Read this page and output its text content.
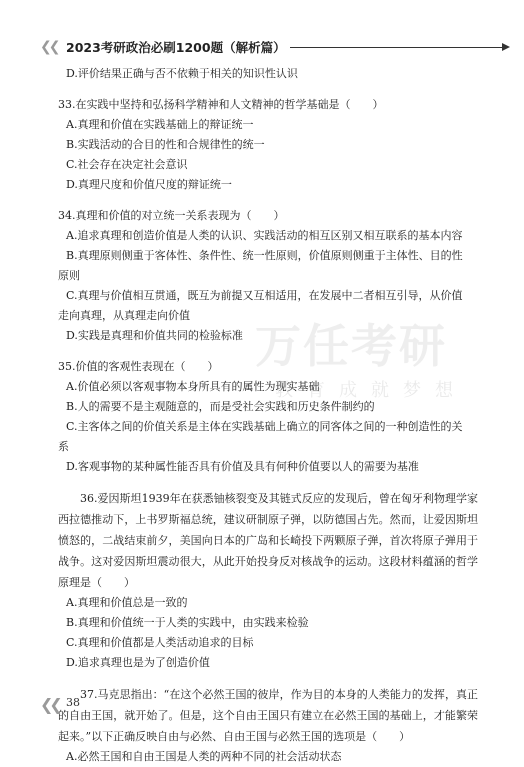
❮❮ 2023考研政治必刷1200题（解析篇）
万任考研
教育成就梦想
D.评价结果正确与否不依赖于相关的知识性认识
33.在实践中坚持和弘扬科学精神和人文精神的哲学基础是（　　）
A.真理和价值在实践基础上的辩证统一
B.实践活动的合目的性和合规律性的统一
C.社会存在决定社会意识
D.真理尺度和价值尺度的辩证统一
34.真理和价值的对立统一关系表现为（　　）
A.追求真理和创造价值是人类的认识、实践活动的相互区别又相互联系的基本内容
B.真理原则侧重于客体性、条件性、统一性原则，价值原则侧重于主体性、目的性
原则
C.真理与价值相互贯通，既互为前提又互相适用，在发展中二者相互引导，从价值
走向真理，从真理走向价值
D.实践是真理和价值共同的检验标准
35.价值的客观性表现在（　　）
A.价值必须以客观事物本身所具有的属性为现实基础
B.人的需要不是主观随意的，而是受社会实践和历史条件制约的
C.主客体之间的价值关系是主体在实践基础上确立的同客体之间的一种创造性的关
系
D.客观事物的某种属性能否具有价值及具有何种价值要以人的需要为基准
36.爱因斯坦1939年在获悉铀核裂变及其链式反应的发现后，曾在匈牙利物理学家西拉德推动下，上书罗斯福总统，建议研制原子弹，以防德国占先。然而，让爱因斯坦愤怒的，二战结束前夕，美国向日本的广岛和长崎投下两颗原子弹，首次将原子弹用于战争。这对爱因斯坦震动很大，从此开始投身反对核战争的运动。这段材料蕴涵的哲学原理是（　　）
A.真理和价值总是一致的
B.真理和价值统一于人类的实践中，由实践来检验
C.真理和价值都是人类活动追求的目标
D.追求真理也是为了创造价值
37.马克思指出：“在这个必然王国的彼岸，作为目的本身的人类能力的发挥，真正的自由王国，就开始了。但是，这个自由王国只有建立在必然王国的基础上，才能繁荣起来。”以下正确反映自由与必然、自由王国与必然王国的选项是（　　）
A.必然王国和自由王国是人类的两种不同的社会活动状态
❮❮ 38
